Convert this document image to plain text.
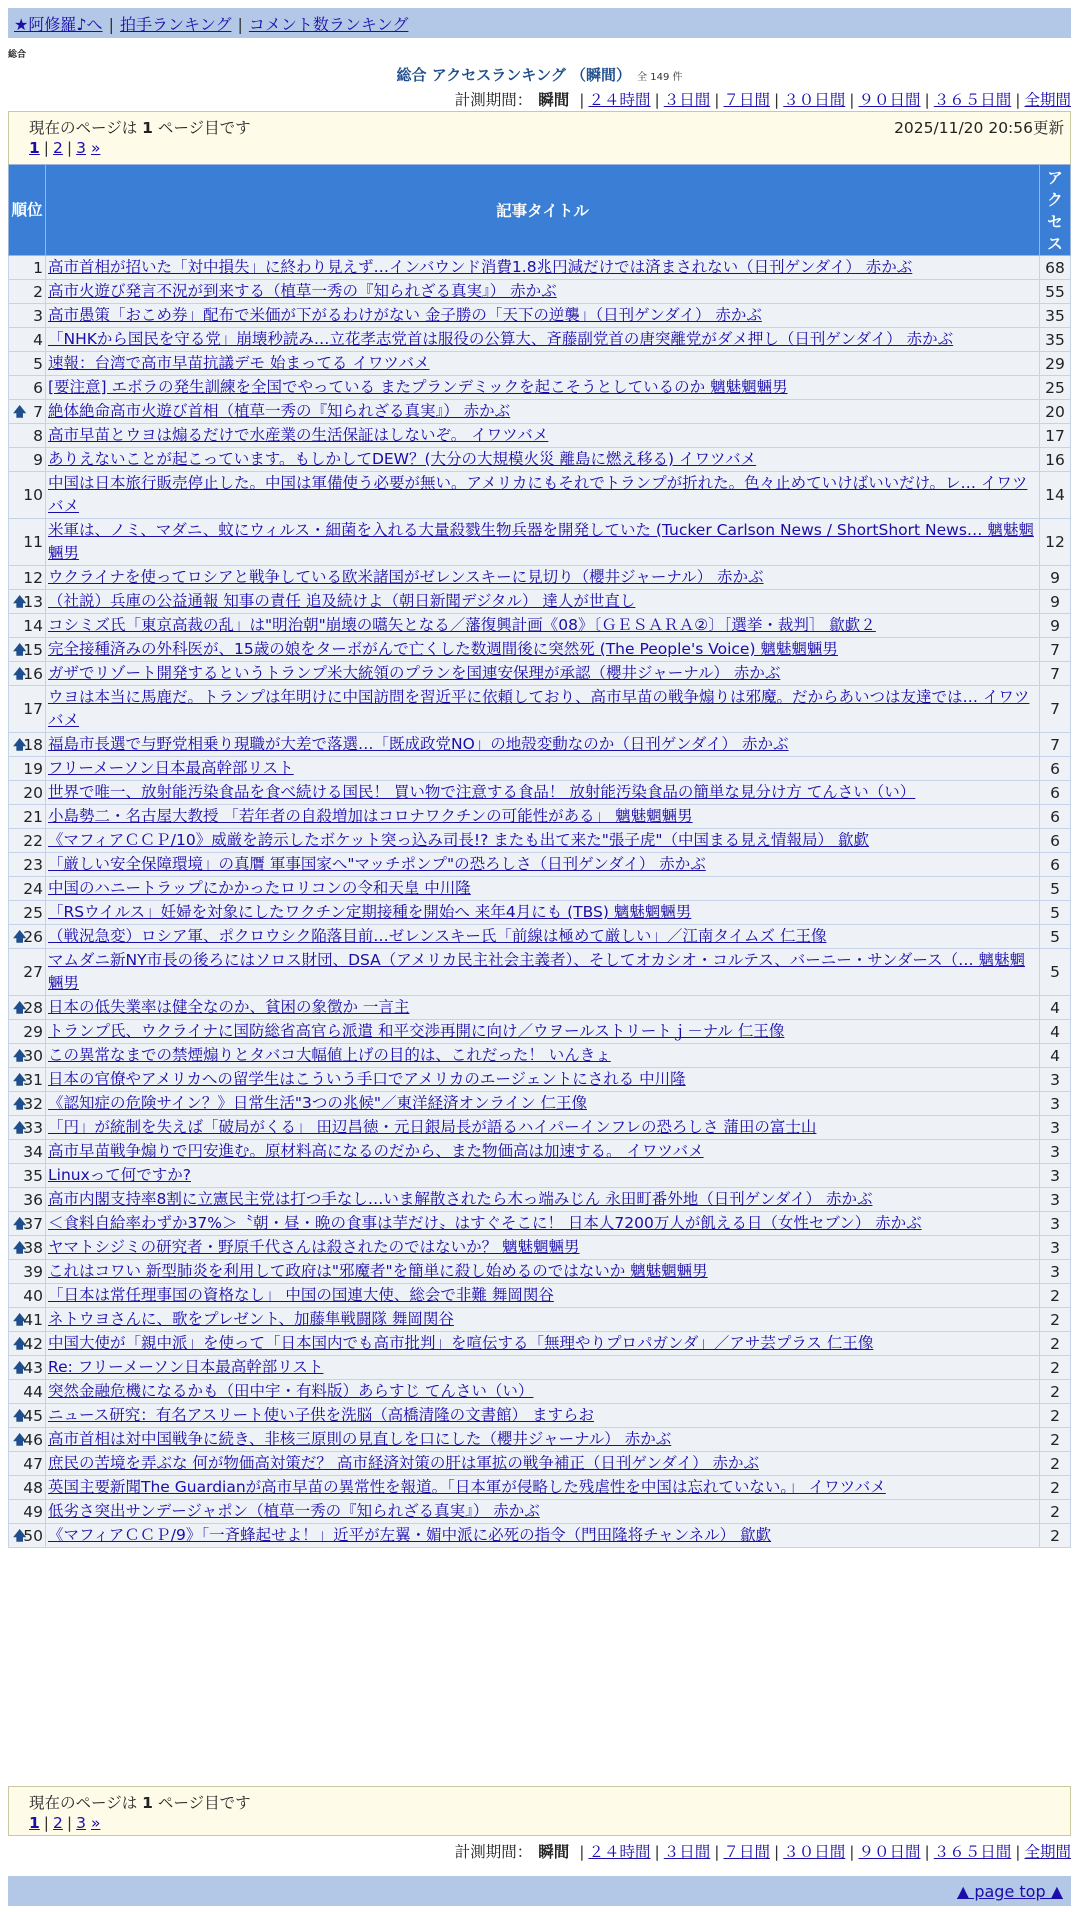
★阿修羅♪へ | 拍手ランキング | コメント数ランキング
総合
総合 アクセスランキング （瞬間） 全 149 件
計測期間： 瞬間 | ２４時間 | ３日間 | ７日間 | ３０日間 | ９０日間 | ３６５日間 | 全期間
現在のページは 1 ページ目です	2025/11/20 20:56更新
1 | 2 | 3 »
順位	記事タイトル	アクセス
1	高市首相が招いた「対中損失」に終わり見えず…インバウンド消費1.8兆円減だけでは済まされない（日刊ゲンダイ） 赤かぶ	68
2	高市火遊び発言不況が到来する（植草一秀の『知られざる真実』） 赤かぶ	55
3	高市愚策「おこめ券」配布で米価が下がるわけがない 金子勝の「天下の逆襲」（日刊ゲンダイ） 赤かぶ	35
4	「NHKから国民を守る党」崩壊秒読み…立花孝志党首は服役の公算大、斉藤副党首の唐突離党がダメ押し（日刊ゲンダイ） 赤かぶ	35
5	速報：台湾で高市早苗抗議デモ 始まってる イワツバメ	29
6	[要注意] エボラの発生訓練を全国でやっている またプランデミックを起こそうとしているのか 魑魅魍魎男	25

🡅 7	絶体絶命高市火遊び首相（植草一秀の『知られざる真実』） 赤かぶ	20
8	高市早苗とウヨは煽るだけで水産業の生活保証はしないぞ。 イワツバメ	17
9	ありえないことが起こっています。もしかしてDEW？(大分の大規模火災 離島に燃え移る) イワツバメ	16
10	中国は日本旅行販売停止した。中国は軍備使う必要が無い。アメリカにもそれでトランプが折れた。色々止めていけばいいだけ。レ… イワツバメ	14
11	米軍は、ノミ、マダニ、蚊にウィルス・細菌を入れる大量殺戮生物兵器を開発していた (Tucker Carlson News / ShortShort News… 魑魅魍魎男	12
12	ウクライナを使ってロシアと戦争している欧米諸国がゼレンスキーに見切り（櫻井ジャーナル） 赤かぶ	9

🡅
13	（社説）兵庫の公益通報 知事の責任 追及続けよ（朝日新聞デジタル） 達人が世直し	9
14	コシミズ氏「東京高裁の乱」は"明治朝"崩壊の嚆矢となる／藩復興計画《08》〔ＧＥＳＡＲＡ②〕［選挙・裁判］ 歙歔２	9

🡅
15	完全接種済みの外科医が、15歳の娘をターボがんで亡くした数週間後に突然死 (The People's Voice) 魑魅魍魎男	7

🡅
16	ガザでリゾート開発するというトランプ米大統領のプランを国連安保理が承認（櫻井ジャーナル） 赤かぶ	7
17	ウヨは本当に馬鹿だ。トランプは年明けに中国訪問を習近平に依頼しており、高市早苗の戦争煽りは邪魔。だからあいつは友達では… イワツバメ	7

🡅
18	福島市長選で与野党相乗り現職が大差で落選…「既成政党NO」の地殻変動なのか（日刊ゲンダイ） 赤かぶ	7
19	フリーメーソン日本最高幹部リスト	6
20	世界で唯一、放射能汚染食品を食べ続ける国民！ 買い物で注意する食品！ 放射能汚染食品の簡単な見分け方 てんさい（い）	6
21	小島勢二・名古屋大教授 「若年者の自殺増加はコロナワクチンの可能性がある」 魑魅魍魎男	6
22	《マフィアＣＣＰ/10》威厳を誇示したボケット突っ込み司長!? またも出て来た"張子虎"（中国まる見え情報局） 歙歔	6
23	「厳しい安全保障環境」の真贋 軍事国家へ"マッチポンプ"の恐ろしさ（日刊ゲンダイ） 赤かぶ	6
24	中国のハニートラップにかかったロリコンの令和天皇 中川隆	5
25	「RSウイルス」妊婦を対象にしたワクチン定期接種を開始へ 来年4月にも (TBS) 魑魅魍魎男	5

🡅
26	（戦況急変）ロシア軍、ポクロウシク陥落目前…ゼレンスキー氏「前線は極めて厳しい」／江南タイムズ 仁王像	5
27	マムダニ新NY市長の後ろにはソロス財団、DSA（アメリカ民主社会主義者）、そしてオカシオ・コルテス、バーニー・サンダース（… 魑魅魍魎男	5

🡅
28	日本の低失業率は健全なのか、貧困の象徴か 一言主	4
29	トランプ氏、ウクライナに国防総省高官ら派遣 和平交渉再開に向け／ウヲールストリートｊ－ナル 仁王像	4

🡅
30	この異常なまでの禁煙煽りとタバコ大幅値上げの目的は、これだった！ いんきょ	4

🡅
31	日本の官僚やアメリカへの留学生はこういう手口でアメリカのエージェントにされる 中川隆	3

🡅
32	《認知症の危険サイン？》日常生活"3つの兆候"／東洋経済オンライン 仁王像	3

🡅
33	「円」が統制を失えば「破局がくる」 田辺昌徳・元日銀局長が語るハイパーインフレの恐ろしさ 蒲田の富士山	3
34	高市早苗戦争煽りで円安進む。原材料高になるのだから、また物価高は加速する。 イワツバメ	3
35	Linuxって何ですか?	3
36	高市内閣支持率8割に立憲民主党は打つ手なし…いま解散されたら木っ端みじん 永田町番外地（日刊ゲンダイ） 赤かぶ	3

🡅
37	＜食料自給率わずか37%＞〝朝・昼・晩の食事は芋だけ〟はすぐそこに！ 日本人7200万人が飢える日（女性セブン） 赤かぶ	3

🡅
38	ヤマトシジミの研究者・野原千代さんは殺されたのではないか？ 魑魅魍魎男	3
39	これはコワい 新型肺炎を利用して政府は"邪魔者"を簡単に殺し始めるのではないか 魑魅魍魎男	3
40	「日本は常任理事国の資格なし」 中国の国連大使、総会で非難 舞岡関谷	2

🡅
41	ネトウヨさんに、歌をプレゼント、加藤隼戦闘隊 舞岡関谷	2

🡅
42	中国大使が「親中派」を使って「日本国内でも高市批判」を喧伝する「無理やりプロパガンダ」／アサ芸プラス 仁王像	2

🡅
43	Re: フリーメーソン日本最高幹部リスト	2
44	突然金融危機になるかも（田中宇・有料版）あらすじ てんさい（い）	2

🡅
45	ニュース研究：有名アスリート使い子供を洗脳（高橋清隆の文書館） ますらお	2

🡅
46	高市首相は対中国戦争に続き、非核三原則の見直しを口にした（櫻井ジャーナル） 赤かぶ	2
47	庶民の苦境を弄ぶな 何が物価高対策だ？ 高市経済対策の肝は軍拡の戦争補正（日刊ゲンダイ） 赤かぶ	2
48	英国主要新聞The Guardianが高市早苗の異常性を報道。「日本軍が侵略した残虐性を中国は忘れていない。」 イワツバメ	2
49	低劣さ突出サンデージャポン（植草一秀の『知られざる真実』） 赤かぶ	2

🡅
50	《マフィアＣＣＰ/9》「一斉蜂起せよ！」近平が左翼・媚中派に必死の指令（門田隆将チャンネル） 歙歔	2
現在のページは 1 ページ目です
1 | 2 | 3 »
計測期間： 瞬間 | ２４時間 | ３日間 | ７日間 | ３０日間 | ９０日間 | ３６５日間 | 全期間
▲ page top ▲
